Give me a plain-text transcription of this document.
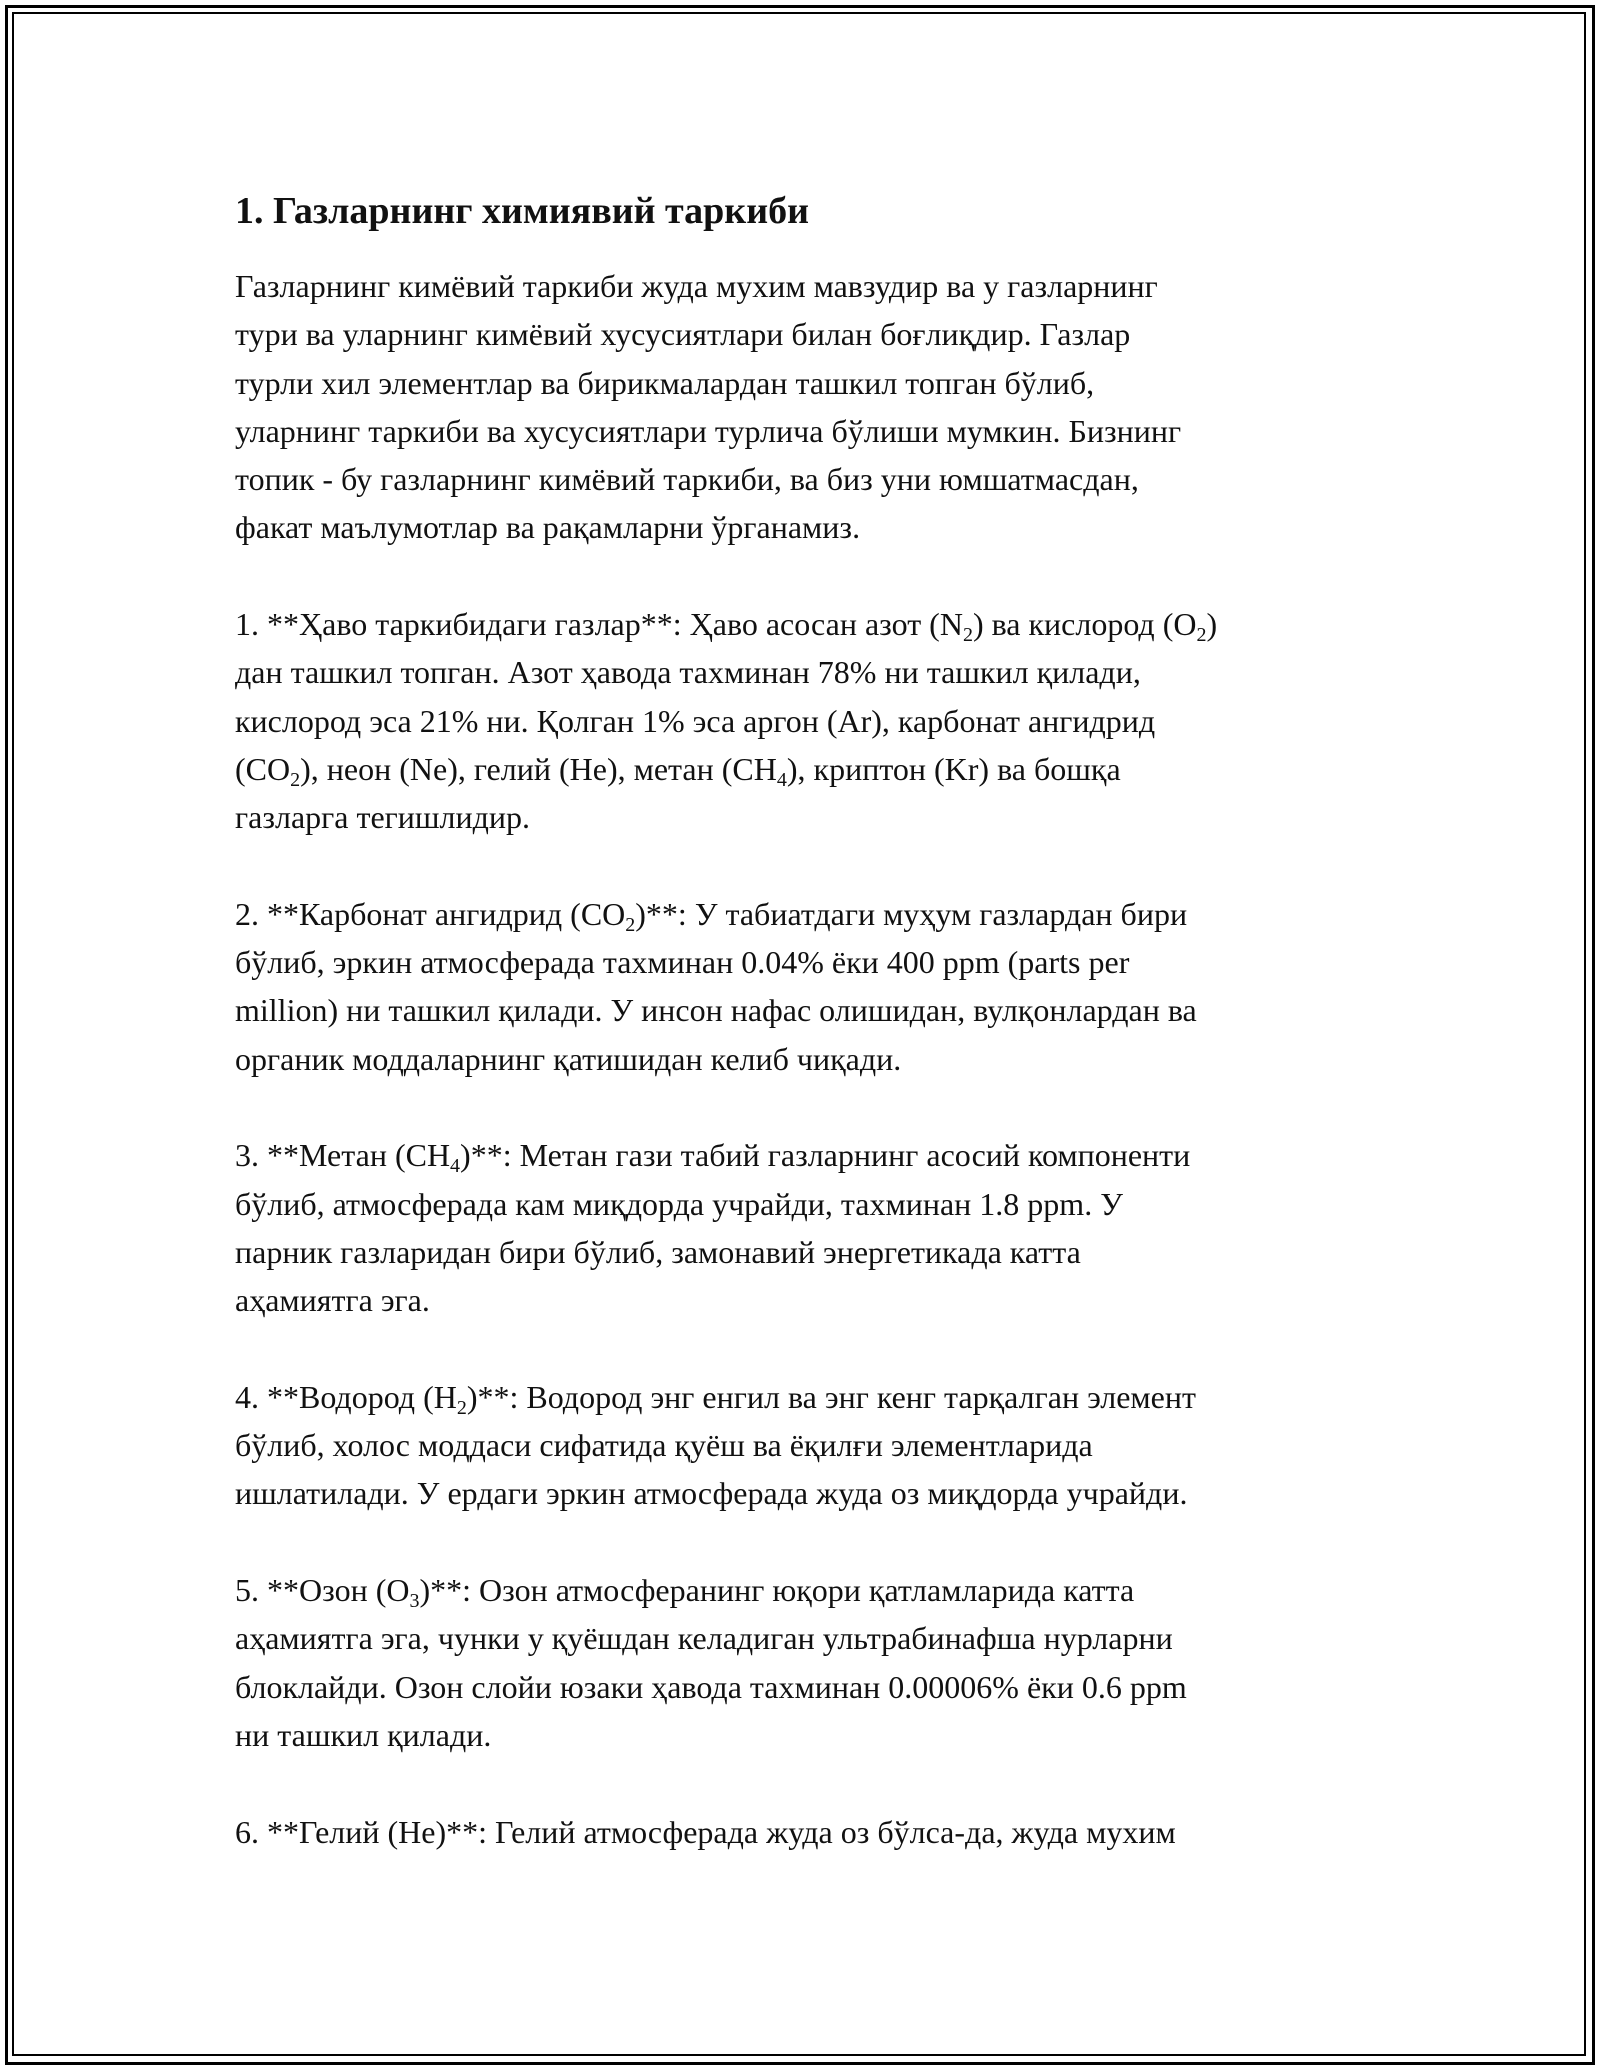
1. Газларнинг химиявий таркиби

Газларнинг кимёвий таркиби жуда мухим мавзудир ва у газларнинг
тури ва уларнинг кимёвий хусусиятлари билан боғлиқдир. Газлар
турли хил элементлар ва бирикмалардан ташкил топган бўлиб,
уларнинг таркиби ва хусусиятлари турлича бўлиши мумкин. Бизнинг
топик - бу газларнинг кимёвий таркиби, ва биз уни юмшатмасдан,
факат маълумотлар ва рақамларни ўрганамиз.

1. **Ҳаво таркибидаги газлар**: Ҳаво асосан азот $(N_2)$ ва кислород $(O_2)$
дан ташкил топган. Азот ҳавода тахминан 78% ни ташкил қилади,
кислород эса 21% ни. Қолган 1% эса аргон (Ar), карбонат ангидрид
$(CO_2)$, неон (Ne), гелий (He), метан $(CH_4)$, криптон (Kr) ва бошқа
газларга тегишлидир.

2. **Карбонат ангидрид $(CO_2)**$: У табиатдаги муҳум газлардан бири
бўлиб, эркин атмосферада тахминан 0.04% ёки 400 ppm (parts per
million) ни ташкил қилади. У инсон нафас олишидан, вулқонлардан ва
органик моддаларнинг қатишидан келиб чиқади.

3. **Метан $(CH_4)**$: Метан гази табий газларнинг асосий компоненти
бўлиб, атмосферада кам миқдорда учрайди, тахминан 1.8 ppm. У
парник газларидан бири бўлиб, замонавий энергетикада катта
аҳамиятга эга.

4. **Водород $(H_2)**$: Водород энг енгил ва энг кенг тарқалган элемент
бўлиб, холос моддаси сифатида қуёш ва ёқилғи элементларида
ишлатилади. У ердаги эркин атмосферада жуда оз миқдорда учрайди.

5. **Озон $(O_3)**$: Озон атмосферанинг юқори қатламларида катта
аҳамиятга эга, чунки у қуёшдан келадиган ультрабинафша нурларни
блоклайди. Озон слойи юзаки ҳавода тахминан 0.00006% ёки 0.6 ppm
ни ташкил қилади.

6. **Гелий (He)**: Гелий атмосферада жуда оз бўлса-да, жуда мухим
